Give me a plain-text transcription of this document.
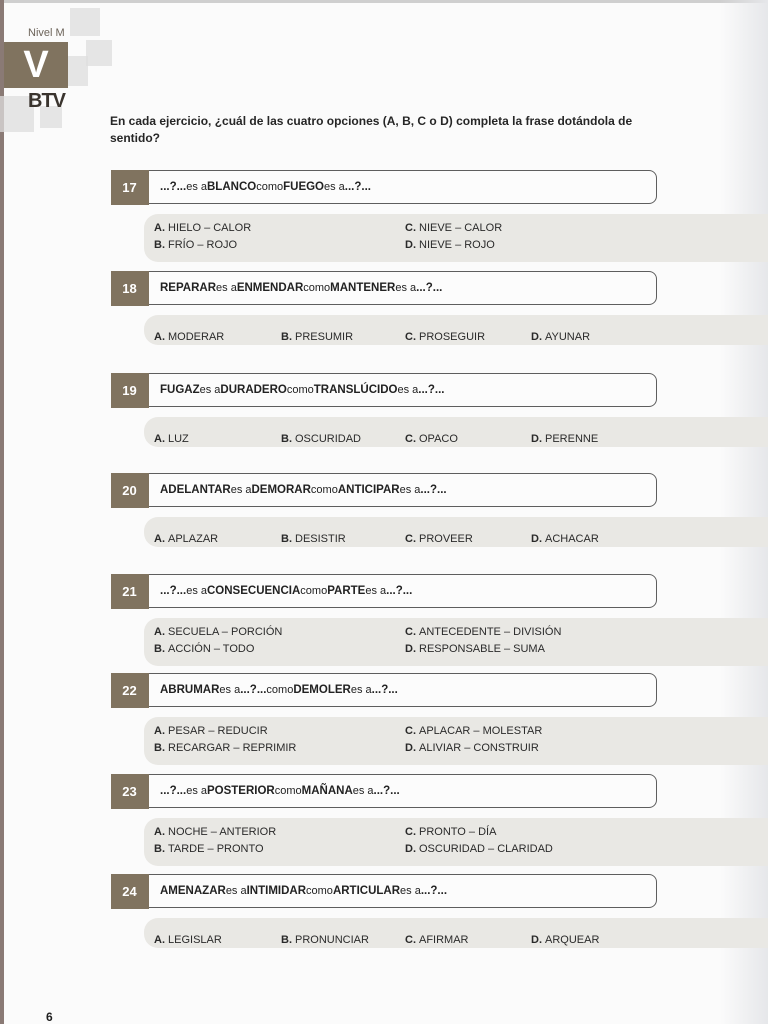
Nivel M
V
BTV
En cada ejercicio, ¿cuál de las cuatro opciones (A, B, C o D) completa la frase dotándola de sentido?
17	...?... es a BLANCO como FUEGO es a ...?...
A. HIELO – CALOR
B. FRÍO – ROJO
C. NIEVE – CALOR
D. NIEVE – ROJO
18	REPARAR es a ENMENDAR como MANTENER es a ...?...
A. MODERAR	B. PRESUMIR	C. PROSEGUIR	D. AYUNAR
19	FUGAZ es a DURADERO como TRANSLÚCIDO es a ...?...
A. LUZ	B. OSCURIDAD	C. OPACO	D. PERENNE
20	ADELANTAR es a DEMORAR como ANTICIPAR es a ...?...
A. APLAZAR	B. DESISTIR	C. PROVEER	D. ACHACAR
21	...?... es a CONSECUENCIA como PARTE es a ...?...
A. SECUELA – PORCIÓN
B. ACCIÓN – TODO
C. ANTECEDENTE – DIVISIÓN
D. RESPONSABLE – SUMA
22	ABRUMAR es a ...?... como DEMOLER es a ...?...
A. PESAR – REDUCIR
B. RECARGAR – REPRIMIR
C. APLACAR – MOLESTAR
D. ALIVIAR – CONSTRUIR
23	...?... es a POSTERIOR como MAÑANA es a ...?...
A. NOCHE – ANTERIOR
B. TARDE – PRONTO
C. PRONTO – DÍA
D. OSCURIDAD – CLARIDAD
24	AMENAZAR es a INTIMIDAR como ARTICULAR es a ...?...
A. LEGISLAR	B. PRONUNCIAR	C. AFIRMAR	D. ARQUEAR
6
